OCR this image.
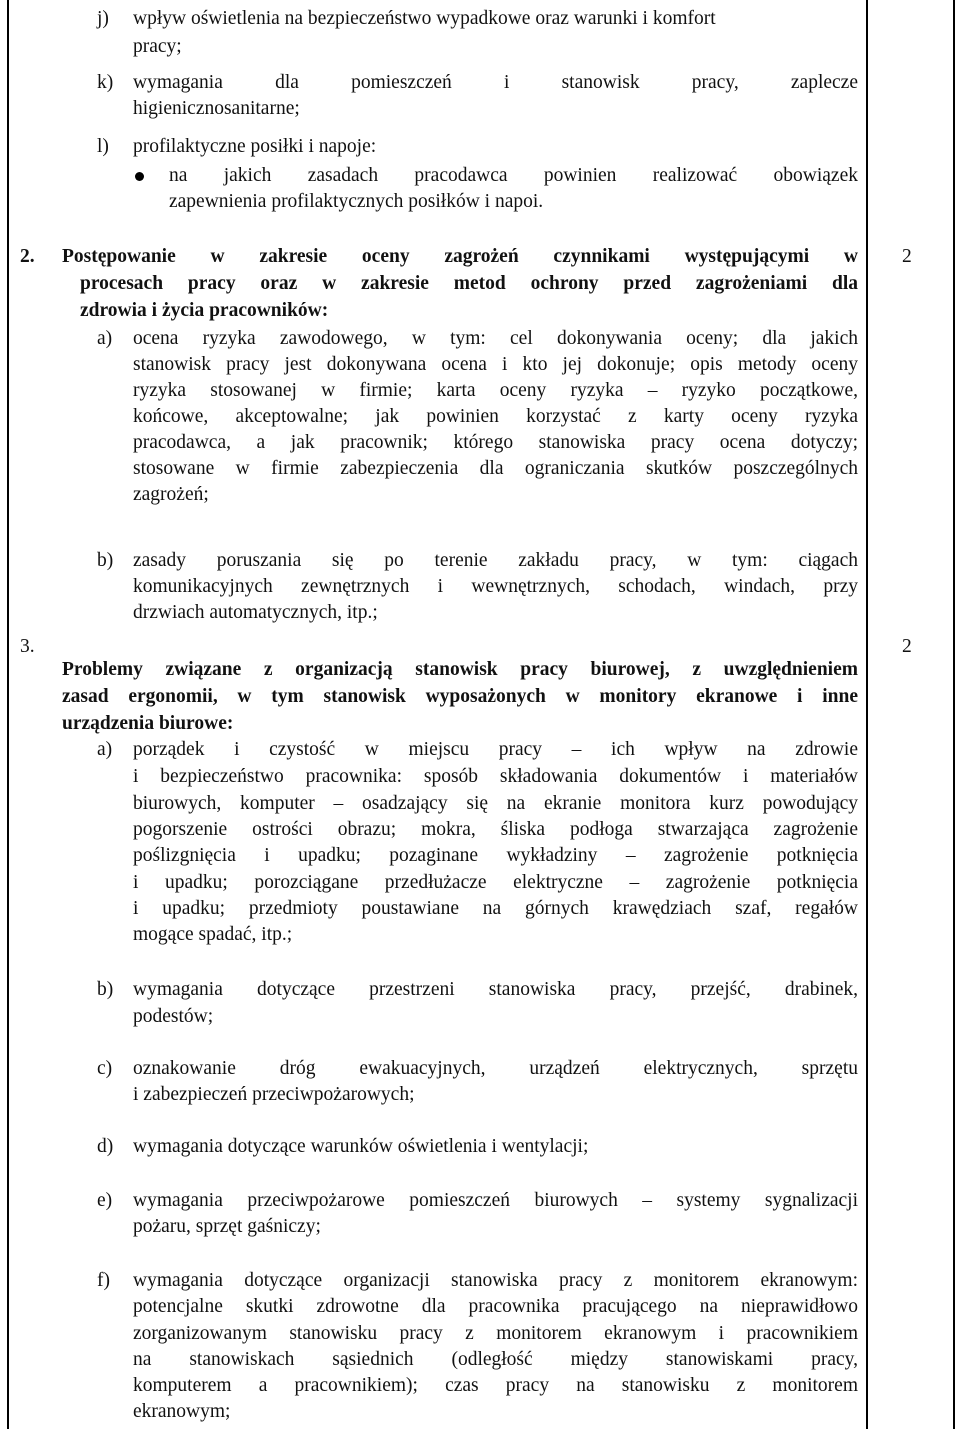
j) wpływ oświetlenia na bezpieczeństwo wypadkowe oraz warunki i komfort
pracy;
k) wymagania dla pomieszczeń i stanowisk pracy, zaplecze
higienicznosanitarne;
l) profilaktyczne posiłki i napoje:
na jakich zasadach pracodawca powinien realizować obowiązek
zapewnienia profilaktycznych posiłków i napoi.
2.	2
Postępowanie w zakresie oceny zagrożeń czynnikami występującymi w
procesach pracy oraz w zakresie metod ochrony przed zagrożeniami dla
zdrowia i życia pracowników:
a) ocena ryzyka zawodowego, w tym: cel dokonywania oceny; dla jakich
stanowisk pracy jest dokonywana ocena i kto jej dokonuje; opis metody oceny
ryzyka stosowanej w firmie; karta oceny ryzyka – ryzyko początkowe,
końcowe, akceptowalne; jak powinien korzystać z karty oceny ryzyka
pracodawca, a jak pracownik; którego stanowiska pracy ocena dotyczy;
stosowane w firmie zabezpieczenia dla ograniczania skutków poszczególnych
zagrożeń;
b) zasady poruszania się po terenie zakładu pracy, w tym: ciągach
komunikacyjnych zewnętrznych i wewnętrznych, schodach, windach, przy
drzwiach automatycznych, itp.;
3.	2
Problemy związane z organizacją stanowisk pracy biurowej, z uwzględnieniem
zasad ergonomii, w tym stanowisk wyposażonych w monitory ekranowe i inne
urządzenia biurowe:
a) porządek i czystość w miejscu pracy – ich wpływ na zdrowie
i bezpieczeństwo pracownika: sposób składowania dokumentów i materiałów
biurowych, komputer – osadzający się na ekranie monitora kurz powodujący
pogorszenie ostrości obrazu; mokra, śliska podłoga stwarzająca zagrożenie
poślizgnięcia i upadku; pozaginane wykładziny – zagrożenie potknięcia
i upadku; porozciągane przedłużacze elektryczne – zagrożenie potknięcia
i upadku; przedmioty poustawiane na górnych krawędziach szaf, regałów
mogące spadać, itp.;
b) wymagania dotyczące przestrzeni stanowiska pracy, przejść, drabinek,
podestów;
c) oznakowanie dróg ewakuacyjnych, urządzeń elektrycznych, sprzętu
i zabezpieczeń przeciwpożarowych;
d) wymagania dotyczące warunków oświetlenia i wentylacji;
e) wymagania przeciwpożarowe pomieszczeń biurowych – systemy sygnalizacji
pożaru, sprzęt gaśniczy;
f) wymagania dotyczące organizacji stanowiska pracy z monitorem ekranowym:
potencjalne skutki zdrowotne dla pracownika pracującego na nieprawidłowo
zorganizowanym stanowisku pracy z monitorem ekranowym i pracownikiem
na stanowiskach sąsiednich (odległość między stanowiskami pracy,
komputerem a pracownikiem); czas pracy na stanowisku z monitorem
ekranowym;
